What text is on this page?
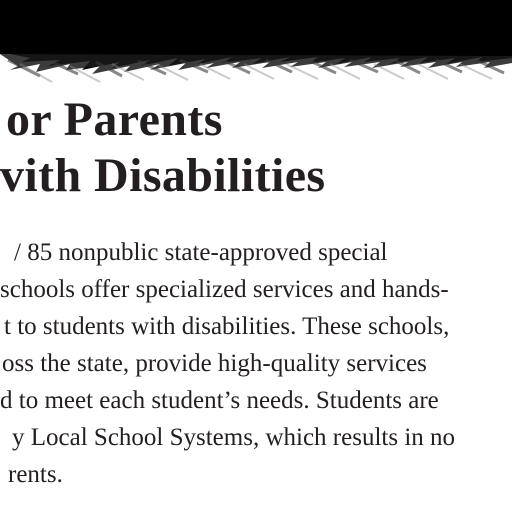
or Parents
vith Disabilities
/ 85 nonpublic state-approved special
schools offer specialized services and hands-
t to students with disabilities. These schools,
oss the state, provide high-quality services
d to meet each student’s needs. Students are
y Local School Systems, which results in no
rents.
